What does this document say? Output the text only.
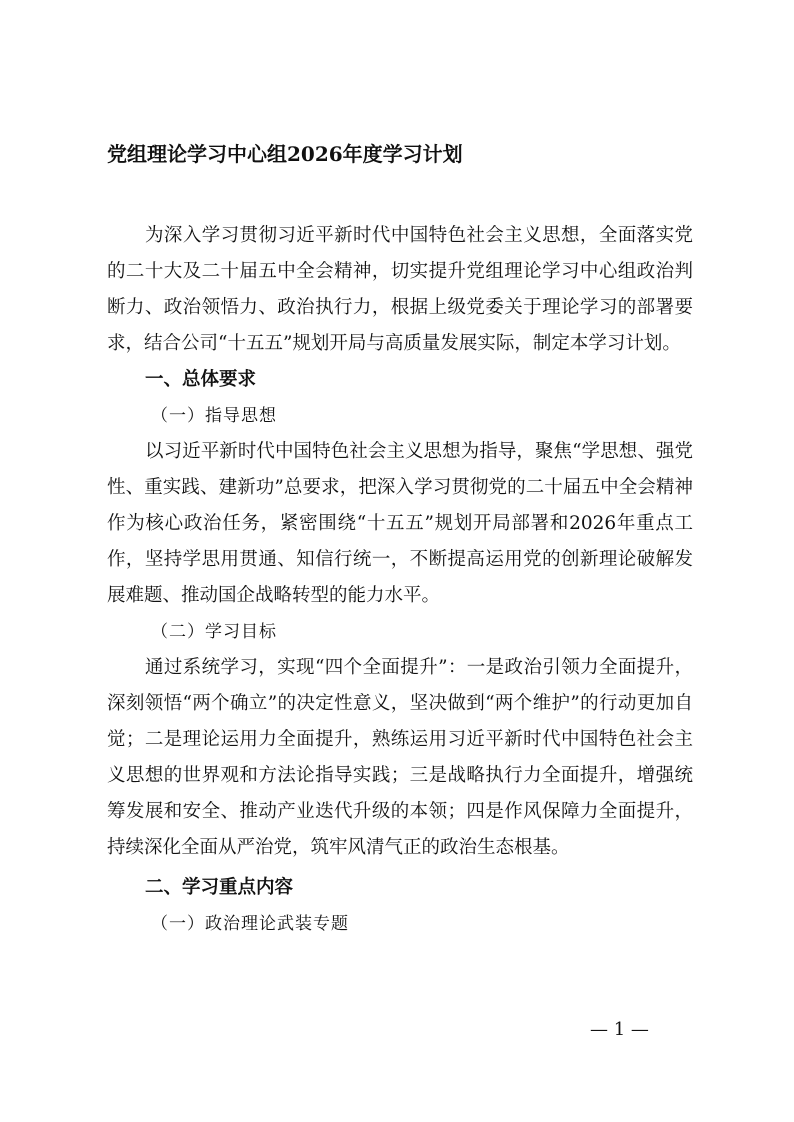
党组理论学习中心组2026年度学习计划

为深入学习贯彻习近平新时代中国特色社会主义思想，全面落实党的二十大及二十届五中全会精神，切实提升党组理论学习中心组政治判断力、政治领悟力、政治执行力，根据上级党委关于理论学习的部署要求，结合公司“十五五”规划开局与高质量发展实际，制定本学习计划。

一、总体要求

（一）指导思想

以习近平新时代中国特色社会主义思想为指导，聚焦“学思想、强党性、重实践、建新功”总要求，把深入学习贯彻党的二十届五中全会精神作为核心政治任务，紧密围绕“十五五”规划开局部署和2026年重点工作，坚持学思用贯通、知信行统一，不断提高运用党的创新理论破解发展难题、推动国企战略转型的能力水平。

（二）学习目标

通过系统学习，实现“四个全面提升”：一是政治引领力全面提升，深刻领悟“两个确立”的决定性意义，坚决做到“两个维护”的行动更加自觉；二是理论运用力全面提升，熟练运用习近平新时代中国特色社会主义思想的世界观和方法论指导实践；三是战略执行力全面提升，增强统筹发展和安全、推动产业迭代升级的本领；四是作风保障力全面提升，持续深化全面从严治党，筑牢风清气正的政治生态根基。

二、学习重点内容

（一）政治理论武装专题

— 1 —
